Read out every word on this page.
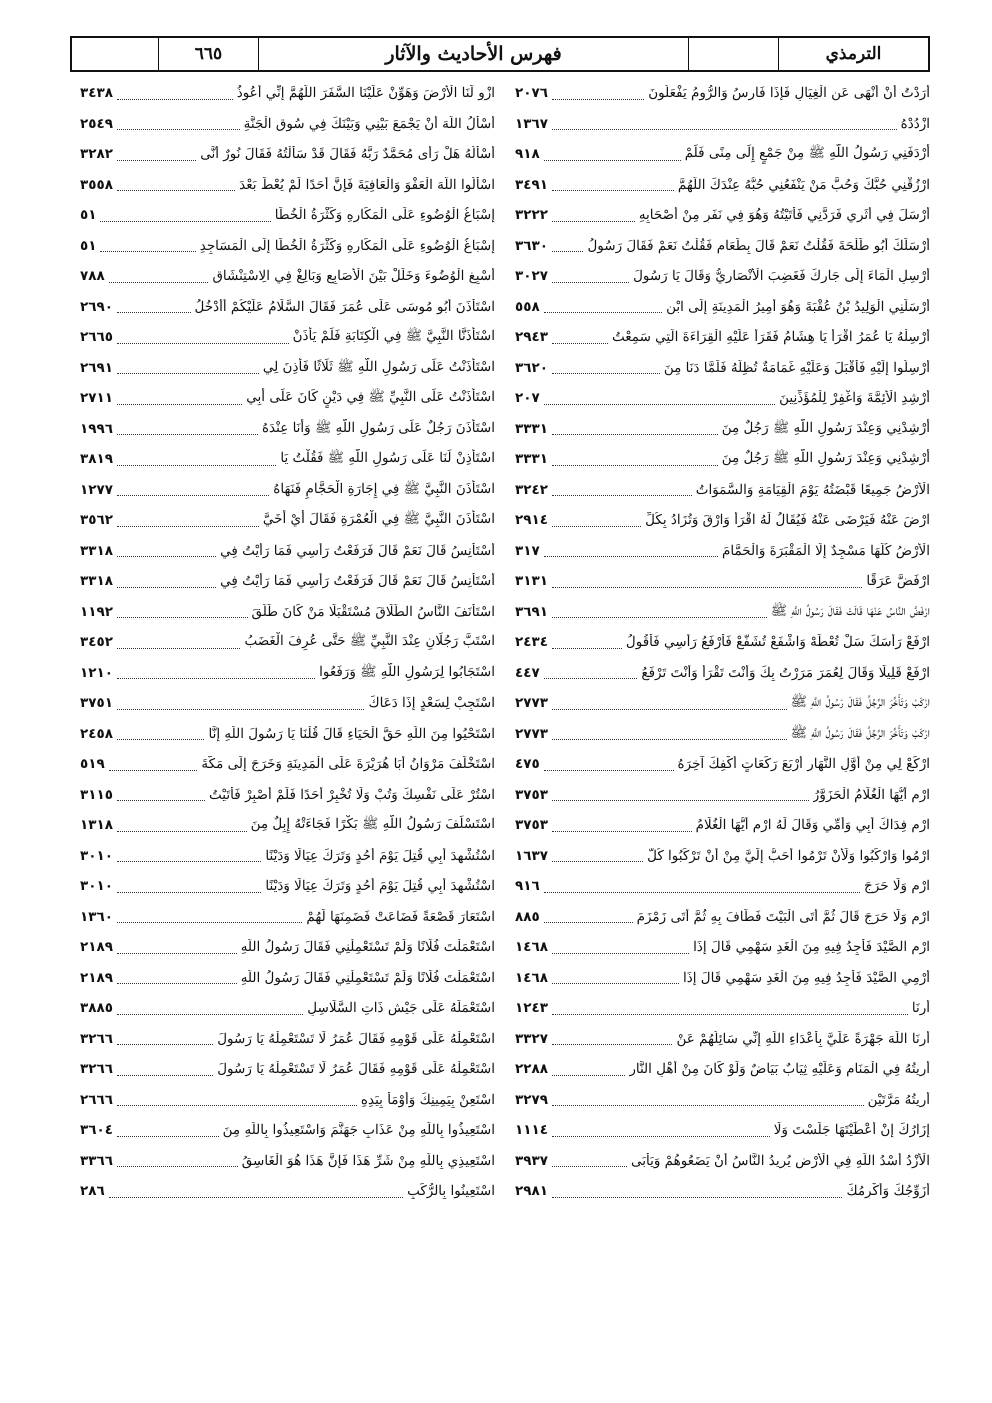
الترمذي
فهرس الأحاديث والآثار
٦٦٥
أَرَدْتُ أَنْ أَنْهَى عَنِ الْغِيَالِ فَإِذَا فَارِسُ وَالرُّومُ يَفْعَلُونَ
٢٠٧٦
ازْدُدْهُ
١٣٦٧
أَرْدَفَنِي رَسُولُ اللَّهِ ﷺ مِنْ جَمْعٍ إِلَى مِنًى فَلَمْ
٩١٨
ارْزُقْنِي حُبَّكَ وَحُبَّ مَنْ يَنْفَعُنِي حُبُّهُ عِنْدَكَ اللَّهُمَّ
٣٤٩١
أَرْسَلَ فِي أَثَرِي فَرَدَّنِي فَأَتَيْتُهُ وَهُوَ فِي نَفَرٍ مِنْ أَصْحَابِهِ
٣٢٢٢
أَرْسَلَكَ أَبُو طَلْحَةَ فَقُلْتُ نَعَمْ قَالَ بِطَعَامٍ فَقُلْتُ نَعَمْ فَقَالَ رَسُولُ
٣٦٣٠
أَرْسِلِ الْمَاءَ إِلَى جَارِكَ فَغَضِبَ الْأَنْصَارِيُّ وَقَالَ يَا رَسُولَ
٣٠٢٧
أَرْسَلَنِي الْوَلِيدُ بْنُ عُقْبَةَ وَهُوَ أَمِيرُ الْمَدِينَةِ إِلَى ابْنِ
٥٥٨
أَرْسِلْهُ يَا عُمَرُ اقْرَأْ يَا هِشَامُ فَقَرَأَ عَلَيْهِ الْقِرَاءَةَ الَّتِي سَمِعْتُ
٢٩٤٣
أَرْسِلُوا إِلَيْهِ فَأَقْبَلَ وَعَلَيْهِ غَمَامَةٌ تُظِلُّهُ فَلَمَّا دَنَا مِنَ
٣٦٢٠
أَرْشِدِ الْأَئِمَّةَ وَاغْفِرْ لِلْمُؤَذِّنِينَ
٢٠٧
أَرْشِدْنِي وَعِنْدَ رَسُولِ اللَّهِ ﷺ رَجُلٌ مِنَ
٣٣٣١
أَرْشِدْنِي وَعِنْدَ رَسُولِ اللَّهِ ﷺ رَجُلٌ مِنَ
٣٣٣١
الْأَرْضُ جَمِيعًا قَبْضَتُهُ يَوْمَ الْقِيَامَةِ وَالسَّمَوَاتُ
٣٢٤٢
ارْضَ عَنْهُ فَيَرْضَى عَنْهُ فَيُقَالُ لَهُ اقْرَأْ وَارْقَ وَتُزَادُ بِكُلِّ
٢٩١٤
الْأَرْضُ كُلُّهَا مَسْجِدٌ إِلَّا الْمَقْبَرَةَ وَالْحَمَّامَ
٣١٧
ارْفَضَّ عَرَقًا
٣١٣١
ارْفَضَّ النَّاسُ عَنْهَا قَالَتْ فَقَالَ رَسُولُ اللَّهِ ﷺ
٣٦٩١
ارْفَعْ رَأْسَكَ سَلْ تُعْطَهْ وَاشْفَعْ تُشَفَّعْ فَأَرْفَعُ رَأْسِي فَأَقُولُ
٢٤٣٤
ارْفَعْ قَلِيلًا وَقَالَ لِعُمَرَ مَرَرْتُ بِكَ وَأَنْتَ تَقْرَأُ وَأَنْتَ تَرْفَعُ
٤٤٧
ارْكَبْ وَتَأَخَّرَ الرَّجُلُ فَقَالَ رَسُولُ اللَّهِ ﷺ
٢٧٧٣
ارْكَبْ وَتَأَخَّرَ الرَّجُلُ فَقَالَ رَسُولُ اللَّهِ ﷺ
٢٧٧٣
ارْكَعْ لِي مِنْ أَوَّلِ النَّهَارِ أَرْبَعَ رَكَعَاتٍ أَكْفِكَ آخِرَهُ
٤٧٥
ارْمِ أَيُّهَا الْغُلَامُ الْحَزَوَّرُ
٣٧٥٣
ارْمِ فِدَاكَ أَبِي وَأُمِّي وَقَالَ لَهُ ارْمِ أَيُّهَا الْغُلَامُ
٣٧٥٣
ارْمُوا وَارْكَبُوا وَلَأَنْ تَرْمُوا أَحَبُّ إِلَيَّ مِنْ أَنْ تَرْكَبُوا كُلُّ
١٦٣٧
ارْمِ وَلَا حَرَجَ
٩١٦
ارْمِ وَلَا حَرَجَ قَالَ ثُمَّ أَتَى الْبَيْتَ فَطَافَ بِهِ ثُمَّ أَتَى زَمْزَمَ
٨٨٥
ارْمِ الصَّيْدَ فَأَجِدُ فِيهِ مِنَ الْغَدِ سَهْمِي قَالَ إِذَا
١٤٦٨
أَرْمِي الصَّيْدَ فَأَجِدُ فِيهِ مِنَ الْغَدِ سَهْمِي قَالَ إِذَا
١٤٦٨
أَرِنَا
١٢٤٣
أَرِنَا اللَّهَ جَهْرَةً عَلَيَّ بِأَعْدَاءِ اللَّهِ إِنِّي سَائِلُهُمْ عَنْ
٣٣٢٧
أُرِيتُهُ فِي الْمَنَامِ وَعَلَيْهِ ثِيَابٌ بَيَاضٌ وَلَوْ كَانَ مِنْ أَهْلِ النَّارِ
٢٢٨٨
أُرِيتُهُ مَرَّتَيْنِ
٣٢٧٩
إِزَارُكَ إِنْ أَعْطَيْتَهَا جَلَسْتَ وَلَا
١١١٤
الْأَزْدُ أُسْدُ اللَّهِ فِي الْأَرْضِ يُرِيدُ النَّاسُ أَنْ يَضَعُوهُمْ وَيَأْبَى
٣٩٣٧
أُزَوِّجُكَ وَأُكْرِمُكَ
٢٩٨١
ازْوِ لَنَا الْأَرْضَ وَهَوِّنْ عَلَيْنَا السَّفَرَ اللَّهُمَّ إِنِّي أَعُوذُ
٣٤٣٨
أَسْأَلُ اللَّهَ أَنْ يَجْمَعَ بَيْنِي وَبَيْنَكَ فِي سُوقِ الْجَنَّةِ
٢٥٤٩
أَسْأَلُهُ هَلْ رَأَى مُحَمَّدٌ رَبَّهُ فَقَالَ قَدْ سَأَلْتُهُ فَقَالَ نُورٌ أَنَّى
٣٢٨٢
اسْأَلُوا اللَّهَ الْعَفْوَ وَالْعَافِيَةَ فَإِنَّ أَحَدًا لَمْ يُعْطَ بَعْدَ
٣٥٥٨
إِسْبَاغُ الْوُضُوءِ عَلَى الْمَكَارِهِ وَكَثْرَةُ الْخُطَا
٥١
إِسْبَاغُ الْوُضُوءِ عَلَى الْمَكَارِهِ وَكَثْرَةُ الْخُطَا إِلَى الْمَسَاجِدِ
٥١
أَسْبِغِ الْوُضُوءَ وَخَلِّلْ بَيْنَ الْأَصَابِعِ وَبَالِغْ فِي الِاسْتِنْشَاقِ
٧٨٨
اسْتَأْذَنَ أَبُو مُوسَى عَلَى عُمَرَ فَقَالَ السَّلَامُ عَلَيْكُمْ أَأَدْخُلُ
٢٦٩٠
اسْتَأْذَنَّا النَّبِيَّ ﷺ فِي الْكِتَابَةِ فَلَمْ يَأْذَنْ
٢٦٦٥
اسْتَأْذَنْتُ عَلَى رَسُولِ اللَّهِ ﷺ ثَلَاثًا فَأَذِنَ لِي
٢٦٩١
اسْتَأْذَنْتُ عَلَى النَّبِيِّ ﷺ فِي دَيْنٍ كَانَ عَلَى أَبِي
٢٧١١
اسْتَأْذَنَ رَجُلٌ عَلَى رَسُولِ اللَّهِ ﷺ وَأَنَا عِنْدَهُ
١٩٩٦
اسْتَأْذِنْ لَنَا عَلَى رَسُولِ اللَّهِ ﷺ فَقُلْتُ يَا
٣٨١٩
اسْتَأْذَنَ النَّبِيَّ ﷺ فِي إِجَارَةِ الْحَجَّامِ فَنَهَاهُ
١٢٧٧
اسْتَأْذَنَ النَّبِيَّ ﷺ فِي الْعُمْرَةِ فَقَالَ أَيْ أُخَيَّ
٣٥٦٢
أَسْتَأْنِسُ قَالَ نَعَمْ قَالَ فَرَفَعْتُ رَأْسِي فَمَا رَأَيْتُ فِي
٣٣١٨
أَسْتَأْنِسُ قَالَ نَعَمْ قَالَ فَرَفَعْتُ رَأْسِي فَمَا رَأَيْتُ فِي
٣٣١٨
اسْتَأْنَفَ النَّاسُ الطَّلَاقَ مُسْتَقْبَلًا مَنْ كَانَ طَلَّقَ
١١٩٢
اسْتَبَّ رَجُلَانِ عِنْدَ النَّبِيِّ ﷺ حَتَّى عُرِفَ الْغَضَبُ
٣٤٥٢
اسْتَجَابُوا لِرَسُولِ اللَّهِ ﷺ وَرَفَعُوا
١٢١٠
اسْتَجِبْ لِسَعْدٍ إِذَا دَعَاكَ
٣٧٥١
اسْتَحْيُوا مِنَ اللَّهِ حَقَّ الْحَيَاءِ قَالَ قُلْنَا يَا رَسُولَ اللَّهِ إِنَّا
٢٤٥٨
اسْتَخْلَفَ مَرْوَانُ أَبَا هُرَيْرَةَ عَلَى الْمَدِينَةِ وَخَرَجَ إِلَى مَكَّةَ
٥١٩
اسْتُرْ عَلَى نَفْسِكَ وَتُبْ وَلَا تُخْبِرْ أَحَدًا فَلَمْ أَصْبِرْ فَأَتَيْتُ
٣١١٥
اسْتَسْلَفَ رَسُولُ اللَّهِ ﷺ بَكْرًا فَجَاءَتْهُ إِبِلٌ مِنَ
١٣١٨
اسْتُشْهِدَ أَبِي قُتِلَ يَوْمَ أُحُدٍ وَتَرَكَ عِيَالًا وَدَيْنًا
٣٠١٠
اسْتُشْهِدَ أَبِي قُتِلَ يَوْمَ أُحُدٍ وَتَرَكَ عِيَالًا وَدَيْنًا
٣٠١٠
اسْتَعَارَ قَصْعَةً فَضَاعَتْ فَضَمِنَهَا لَهُمْ
١٣٦٠
اسْتَعْمَلْتَ فُلَانًا وَلَمْ تَسْتَعْمِلْنِي فَقَالَ رَسُولُ اللَّهِ
٢١٨٩
اسْتَعْمَلْتَ فُلَانًا وَلَمْ تَسْتَعْمِلْنِي فَقَالَ رَسُولُ اللَّهِ
٢١٨٩
اسْتَعْمَلَهُ عَلَى جَيْشِ ذَاتِ السَّلَاسِلِ
٣٨٨٥
اسْتَعْمِلْهُ عَلَى قَوْمِهِ فَقَالَ عُمَرُ لَا تَسْتَعْمِلْهُ يَا رَسُولَ
٣٢٦٦
اسْتَعْمِلْهُ عَلَى قَوْمِهِ فَقَالَ عُمَرُ لَا تَسْتَعْمِلْهُ يَا رَسُولَ
٣٢٦٦
اسْتَعِنْ بِيَمِينِكَ وَأَوْمَأَ بِيَدِهِ
٢٦٦٦
اسْتَعِيذُوا بِاللَّهِ مِنْ عَذَابِ جَهَنَّمَ وَاسْتَعِيذُوا بِاللَّهِ مِنَ
٣٦٠٤
اسْتَعِيذِي بِاللَّهِ مِنْ شَرِّ هَذَا فَإِنَّ هَذَا هُوَ الْغَاسِقُ
٣٣٦٦
اسْتَعِينُوا بِالرُّكَبِ
٢٨٦
